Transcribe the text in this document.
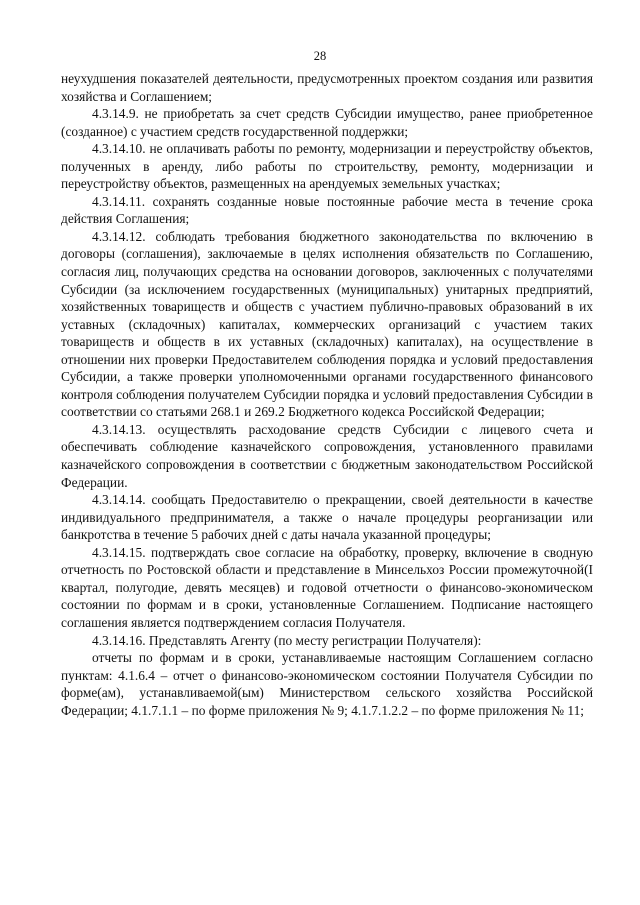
28

неухудшения показателей деятельности, предусмотренных проектом создания или развития хозяйства и Соглашением;

4.3.14.9. не приобретать за счет средств Субсидии имущество, ранее приобретенное (созданное) с участием средств государственной поддержки;

4.3.14.10. не оплачивать работы по ремонту, модернизации и переустройству объектов, полученных в аренду, либо работы по строительству, ремонту, модернизации и переустройству объектов, размещенных на арендуемых земельных участках;

4.3.14.11. сохранять созданные новые постоянные рабочие места в течение срока действия Соглашения;

4.3.14.12. соблюдать требования бюджетного законодательства по включению в договоры (соглашения), заключаемые в целях исполнения обязательств по Соглашению, согласия лиц, получающих средства на основании договоров, заключенных с получателями Субсидии (за исключением государственных (муниципальных) унитарных предприятий, хозяйственных товариществ и обществ с участием публично-правовых образований в их уставных (складочных) капиталах, коммерческих организаций с участием таких товариществ и обществ в их уставных (складочных) капиталах), на осуществление в отношении них проверки Предоставителем соблюдения порядка и условий предоставления Субсидии, а также проверки уполномоченными органами государственного финансового контроля соблюдения получателем Субсидии порядка и условий предоставления Субсидии в соответствии со статьями 268.1 и 269.2 Бюджетного кодекса Российской Федерации;

4.3.14.13. осуществлять расходование средств Субсидии с лицевого счета и обеспечивать соблюдение казначейского сопровождения, установленного правилами казначейского сопровождения в соответствии с бюджетным законодательством Российской Федерации.

4.3.14.14. сообщать Предоставителю о прекращении, своей деятельности в качестве индивидуального предпринимателя, а также о начале процедуры реорганизации или банкротства в течение 5 рабочих дней с даты начала указанной процедуры;

4.3.14.15. подтверждать свое согласие на обработку, проверку, включение в сводную отчетность по Ростовской области и представление в Минсельхоз России промежуточной(I квартал, полугодие, девять месяцев) и годовой отчетности о финансово-экономическом состоянии по формам и в сроки, установленные Соглашением. Подписание настоящего соглашения является подтверждением согласия Получателя.

4.3.14.16. Представлять Агенту (по месту регистрации Получателя):

отчеты по формам и в сроки, устанавливаемые настоящим Соглашением согласно пунктам: 4.1.6.4 – отчет о финансово-экономическом состоянии Получателя Субсидии по форме(ам), устанавливаемой(ым) Министерством сельского хозяйства Российской Федерации; 4.1.7.1.1 – по форме приложения № 9; 4.1.7.1.2.2 – по форме приложения № 11;
